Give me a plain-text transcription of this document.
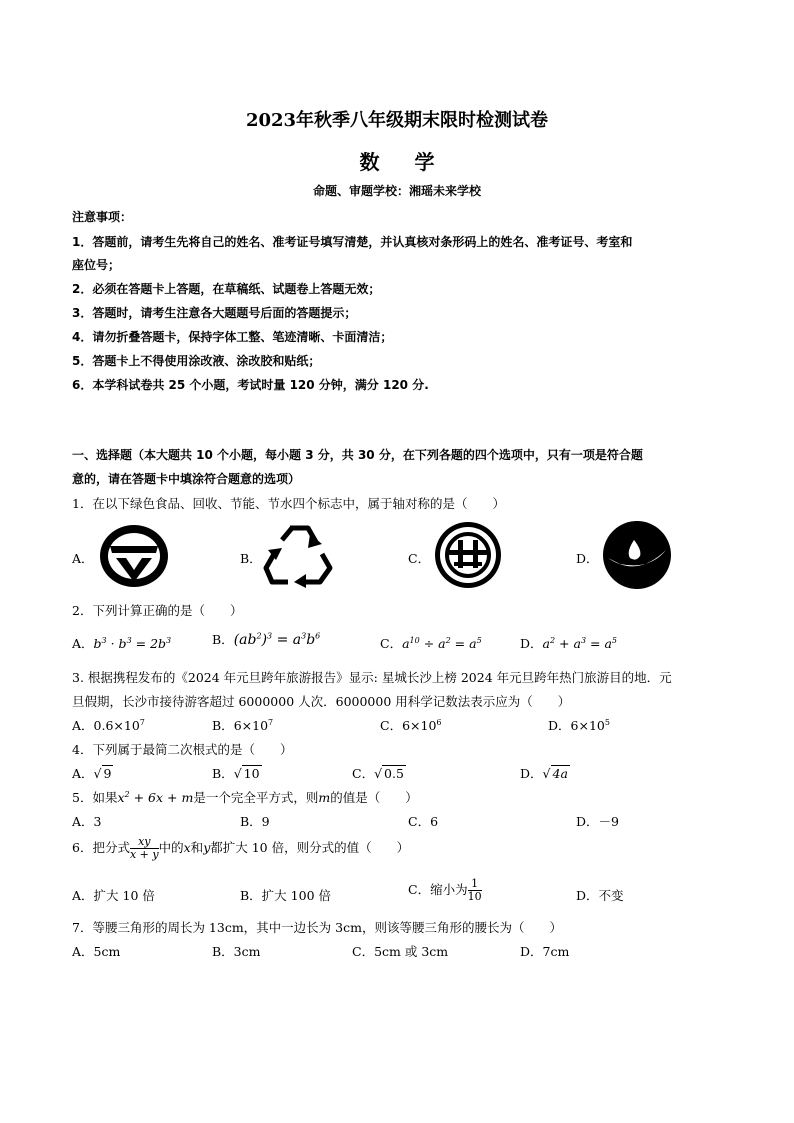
2023年秋季八年级期末限时检测试卷
数 学
命题、审题学校：湘瑶未来学校
注意事项：
1．答题前，请考生先将自己的姓名、准考证号填写清楚，并认真核对条形码上的姓名、准考证号、考室和
座位号；
2．必须在答题卡上答题，在草稿纸、试题卷上答题无效；
3．答题时，请考生注意各大题题号后面的答题提示；
4．请勿折叠答题卡，保持字体工整、笔迹清晰、卡面清洁；
5．答题卡上不得使用涂改液、涂改胶和贴纸；
6．本学科试卷共 25 个小题，考试时量 120 分钟，满分 120 分.
一、选择题（本大题共 10 个小题，每小题 3 分，共 30 分，在下列各题的四个选项中，只有一项是符合题
意的，请在答题卡中填涂符合题意的选项）
1．在以下绿色食品、回收、节能、节水四个标志中，属于轴对称的是（　　）
A．	B．	C．	D．
2．下列计算正确的是（　　）
A．$b^3 \cdot b^3 = 2b^3$	B．$(ab^2)^3 = a^3b^6$
C．$a^{10} \div a^2 = a^5$	D．$a^2 + a^3 = a^5$
3. 根据携程发布的《2024 年元旦跨年旅游报告》显示: 星城长沙上榜 2024 年元旦跨年热门旅游目的地．元
旦假期，长沙市接待游客超过 6000000 人次．6000000 用科学记数法表示应为（　　）
A．$0.6\times 10^7$	B．$6\times 10^7$	C．$6\times 10^6$	D．$6\times 10^5$
4．下列属于最简二次根式的是（　　）
A．√ 9	B．√ 10	C．√ 0.5	D．√ 4a
5．如果$x^2 + 6x + m$是一个完全平方式，则m的值是（　　）
A．3	B．9	C．6	D．－9
6．把分式 $\frac{xy}{x + y}$ 中的x和y都扩大 10 倍，则分式的值（　　）
A．扩大 10 倍	B．扩大 100 倍	C．缩小为 $\frac{1}{10}$	D．不变
7．等腰三角形的周长为 13cm，其中一边长为 3cm，则该等腰三角形的腰长为（　　）
A．5cm	B．3cm	C．5cm 或 3cm	D．7cm
